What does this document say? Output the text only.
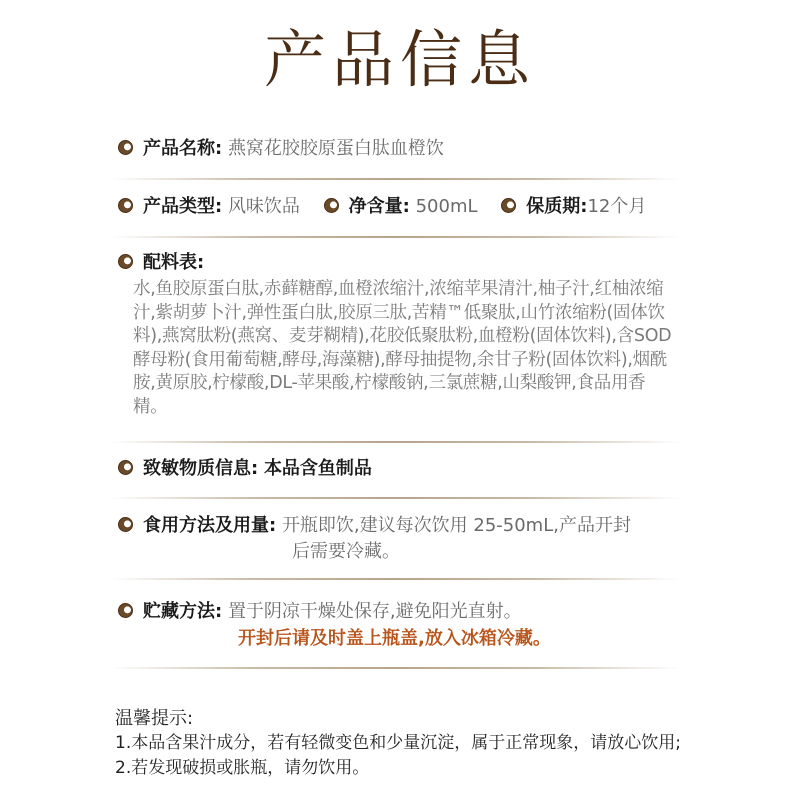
产品信息
产品名称: 燕窝花胶胶原蛋白肽血橙饮
产品类型: 风味饮品	净含量: 500mL	保质期:12个月
配料表:
水,鱼胶原蛋白肽,赤藓糖醇,血橙浓缩汁,浓缩苹果清汁,柚子汁,红柚浓缩汁,紫胡萝卜汁,弹性蛋白肽,胶原三肽,苦精™低聚肽,山竹浓缩粉(固体饮料),燕窝肽粉(燕窝、麦芽糊精),花胶低聚肽粉,血橙粉(固体饮料),含SOD酵母粉(食用葡萄糖,酵母,海藻糖),酵母抽提物,余甘子粉(固体饮料),烟酰胺,黄原胶,柠檬酸,DL-苹果酸,柠檬酸钠,三氯蔗糖,山梨酸钾,食品用香精。
致敏物质信息: 本品含鱼制品
食用方法及用量: 开瓶即饮,建议每次饮用 25-50mL,产品开封
后需要冷藏。
贮藏方法: 置于阴凉干燥处保存,避免阳光直射。
开封后请及时盖上瓶盖,放入冰箱冷藏。
温馨提示:
1.本品含果汁成分，若有轻微变色和少量沉淀，属于正常现象，请放心饮用;
2.若发现破损或胀瓶，请勿饮用。
